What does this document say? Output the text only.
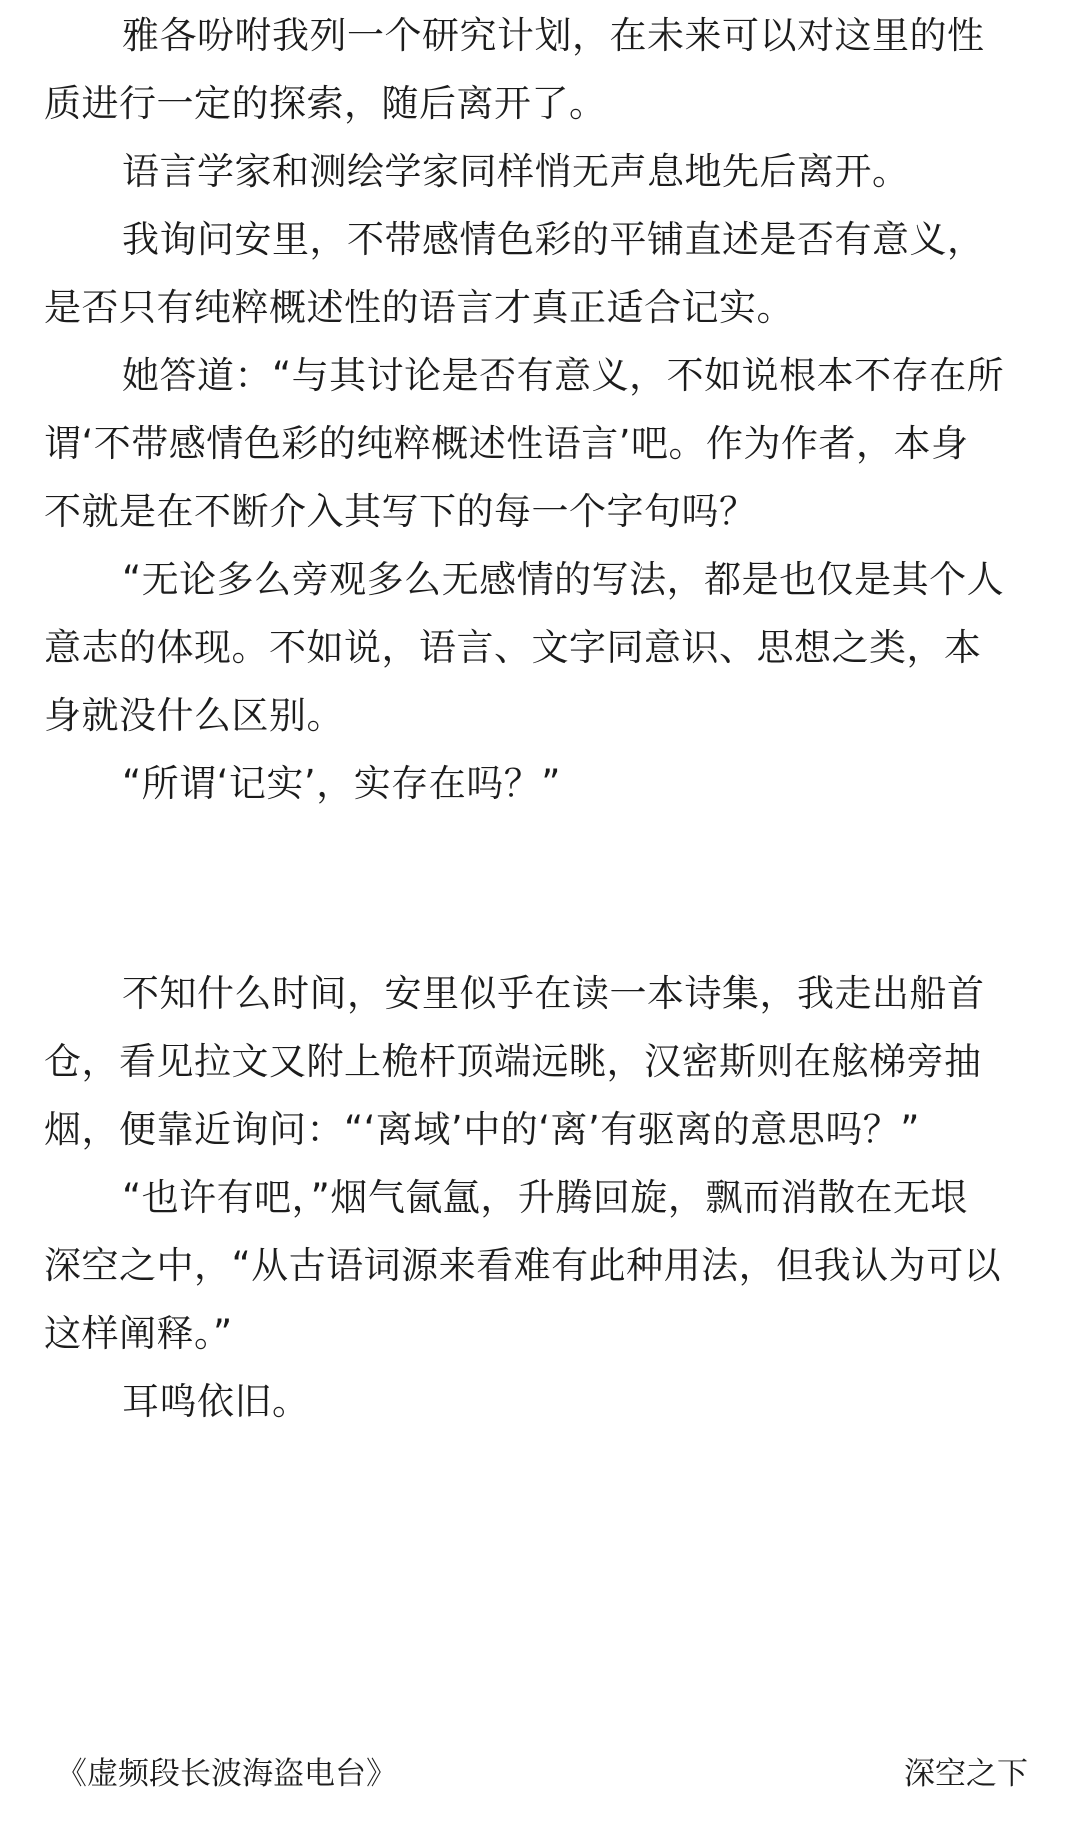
雅各吩咐我列一个研究计划，在未来可以对这里的性
质进行一定的探索，随后离开了。

语言学家和测绘学家同样悄无声息地先后离开。

我询问安里，不带感情色彩的平铺直述是否有意义，
是否只有纯粹概述性的语言才真正适合记实。

她答道：“与其讨论是否有意义，不如说根本不存在所
谓‘不带感情色彩的纯粹概述性语言’吧。作为作者，本身
不就是在不断介入其写下的每一个字句吗？

“无论多么旁观多么无感情的写法，都是也仅是其个人
意志的体现。不如说，语言、文字同意识、思想之类，本
身就没什么区别。

“所谓‘记实’，实存在吗？”

不知什么时间，安里似乎在读一本诗集，我走出船首
仓，看见拉文又附上桅杆顶端远眺，汉密斯则在舷梯旁抽
烟，便靠近询问：“‘离域’中的‘离’有驱离的意思吗？”

“也许有吧，”烟气氤氲，升腾回旋，飘而消散在无垠
深空之中，“从古语词源来看难有此种用法，但我认为可以
这样阐释。”

耳鸣依旧。

《虚频段长波海盗电台》	深空之下
